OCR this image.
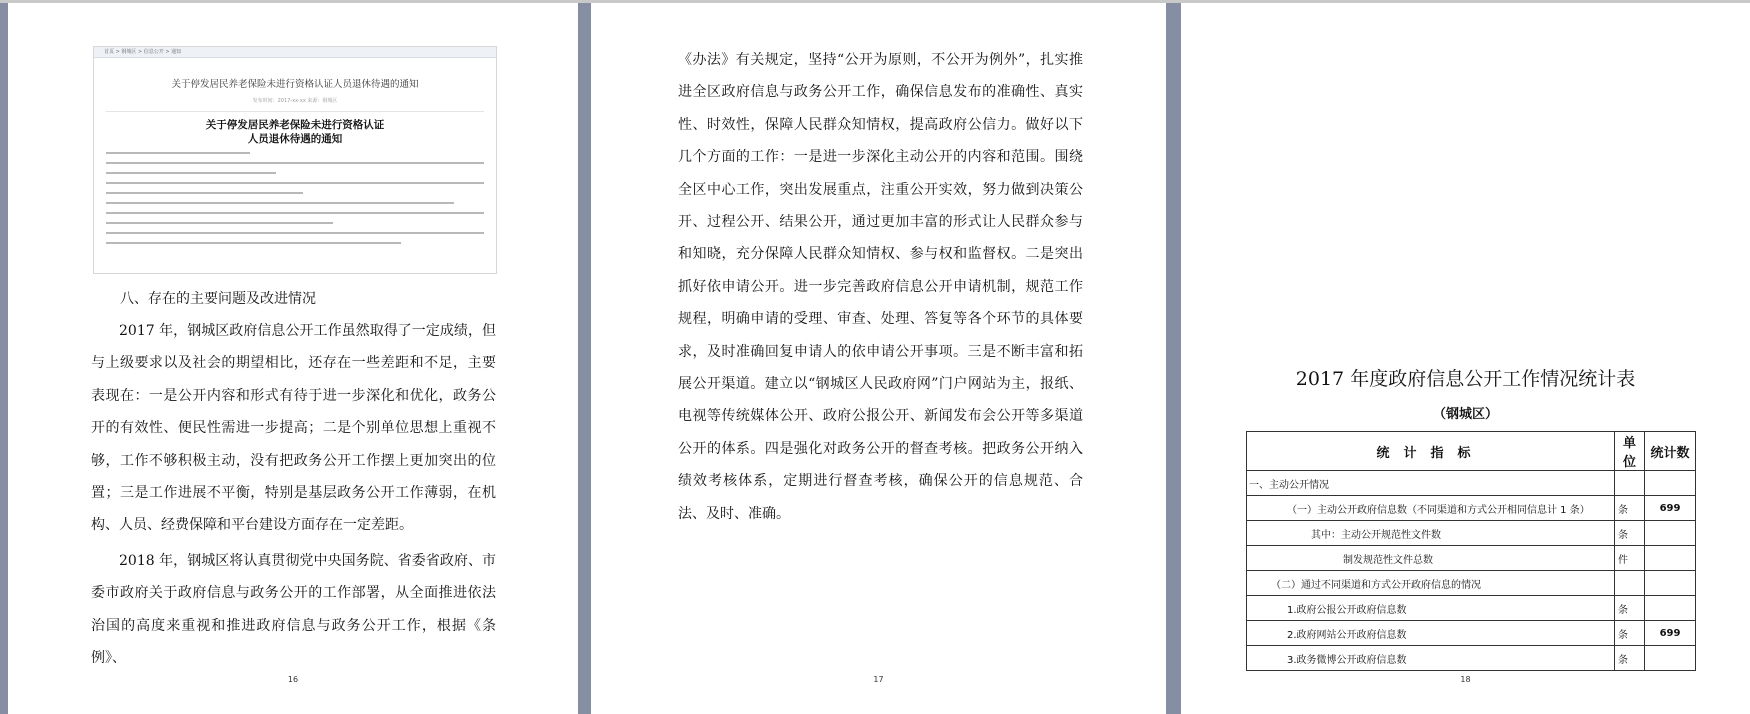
首页 > 钢城区 > 信息公开 > 通知
关于停发居民养老保险未进行资格认证人员退休待遇的通知
发布时间：2017-xx-xx 来源：钢城区
关于停发居民养老保险未进行资格认证
人员退休待遇的通知
八、存在的主要问题及改进情况
2017 年，钢城区政府信息公开工作虽然取得了一定成绩，但与上级要求以及社会的期望相比，还存在一些差距和不足，主要表现在：一是公开内容和形式有待于进一步深化和优化，政务公开的有效性、便民性需进一步提高；二是个别单位思想上重视不够，工作不够积极主动，没有把政务公开工作摆上更加突出的位置；三是工作进展不平衡，特别是基层政务公开工作薄弱，在机构、人员、经费保障和平台建设方面存在一定差距。
2018 年，钢城区将认真贯彻党中央国务院、省委省政府、市委市政府关于政府信息与政务公开的工作部署，从全面推进依法治国的高度来重视和推进政府信息与政务公开工作，根据《条例》、
16
《办法》有关规定，坚持“公开为原则，不公开为例外”，扎实推进全区政府信息与政务公开工作，确保信息发布的准确性、真实性、时效性，保障人民群众知情权，提高政府公信力。做好以下几个方面的工作：一是进一步深化主动公开的内容和范围。围绕全区中心工作，突出发展重点，注重公开实效，努力做到决策公开、过程公开、结果公开，通过更加丰富的形式让人民群众参与和知晓，充分保障人民群众知情权、参与权和监督权。二是突出抓好依申请公开。进一步完善政府信息公开申请机制，规范工作规程，明确申请的受理、审查、处理、答复等各个环节的具体要求，及时准确回复申请人的依申请公开事项。三是不断丰富和拓展公开渠道。建立以“钢城区人民政府网”门户网站为主，报纸、电视等传统媒体公开、政府公报公开、新闻发布会公开等多渠道公开的体系。四是强化对政务公开的督查考核。把政务公开纳入绩效考核体系，定期进行督查考核，确保公开的信息规范、合法、及时、准确。
17
2017 年度政府信息公开工作情况统计表
（钢城区）
统计指标	单位	统计数
一、主动公开情况		
（一）主动公开政府信息数（不同渠道和方式公开相同信息计 1 条）	条	699
其中：主动公开规范性文件数	条	
制发规范性文件总数	件	
（二）通过不同渠道和方式公开政府信息的情况		
1.政府公报公开政府信息数	条	
2.政府网站公开政府信息数	条	699
3.政务微博公开政府信息数	条	
18
